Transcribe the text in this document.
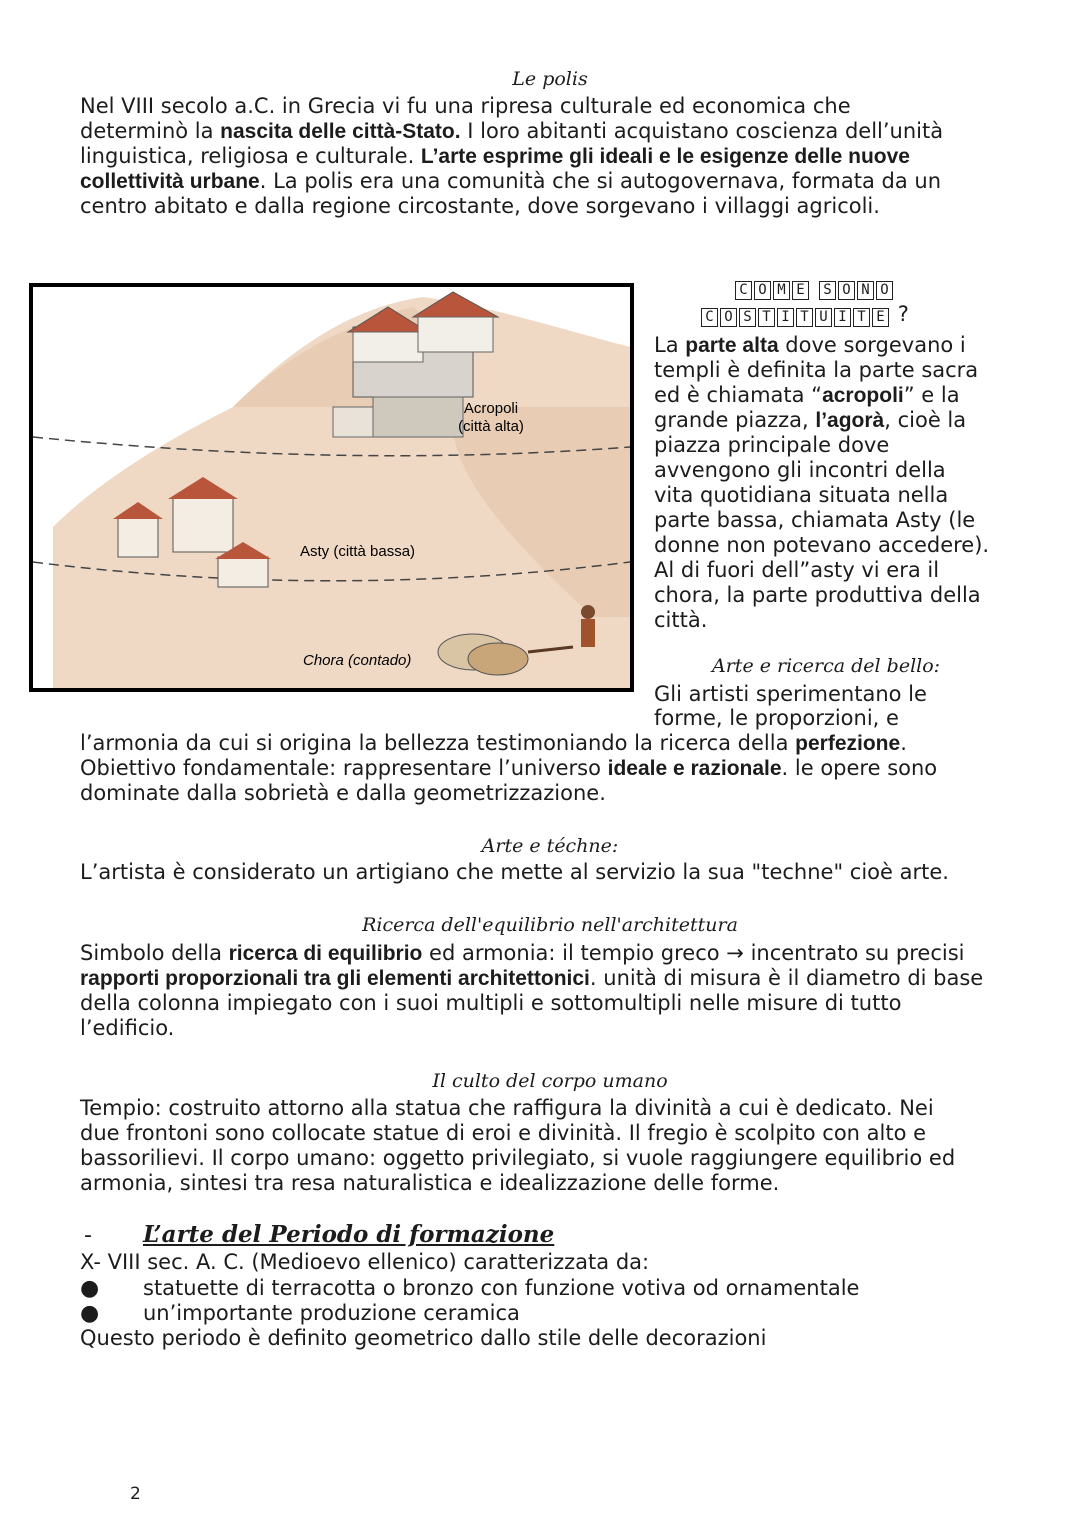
Le polis
Nel VIII secolo a.C. in Grecia vi fu una ripresa culturale ed economica che
determinò la nascita delle città-Stato. I loro abitanti acquistano coscienza dell’unità
linguistica, religiosa e culturale. L’arte esprime gli ideali e le esigenze delle nuove
collettività urbane. La polis era una comunità che si autogovernava, formata da un
centro abitato e dalla regione circostante, dove sorgevano i villaggi agricoli.
Acropoli
(città alta)
Asty (città bassa)
Chora (contado)
C O M E S O N O
C O S T I T U I T E ?
La parte alta dove sorgevano i
templi è definita la parte sacra
ed è chiamata “acropoli” e la
grande piazza, l’agorà, cioè la
piazza principale dove
avvengono gli incontri della
vita quotidiana situata nella
parte bassa, chiamata Asty (le
donne non potevano accedere).
Al di fuori dell”asty vi era il
chora, la parte produttiva della
città.
Arte e ricerca del bello:
Gli artisti sperimentano le
forme, le proporzioni, e
l’armonia da cui si origina la bellezza testimoniando la ricerca della perfezione.
Obiettivo fondamentale: rappresentare l’universo ideale e razionale. le opere sono
dominate dalla sobrietà e dalla geometrizzazione.
Arte e téchne:
L’artista è considerato un artigiano che mette al servizio la sua "techne" cioè arte.
Ricerca dell'equilibrio nell'architettura
Simbolo della ricerca di equilibrio ed armonia: il tempio greco → incentrato su precisi
rapporti proporzionali tra gli elementi architettonici. unità di misura è il diametro di base
della colonna impiegato con i suoi multipli e sottomultipli nelle misure di tutto
l’edificio.
Il culto del corpo umano
Tempio: costruito attorno alla statua che raffigura la divinità a cui è dedicato. Nei
due frontoni sono collocate statue di eroi e divinità. Il fregio è scolpito con alto e
bassorilievi. Il corpo umano: oggetto privilegiato, si vuole raggiungere equilibrio ed
armonia, sintesi tra resa naturalistica e idealizzazione delle forme.
- L’arte del Periodo di formazione
X- VIII sec. A. C. (Medioevo ellenico) caratterizzata da:
● statuette di terracotta o bronzo con funzione votiva od ornamentale
● un’importante produzione ceramica
Questo periodo è definito geometrico dallo stile delle decorazioni
2
